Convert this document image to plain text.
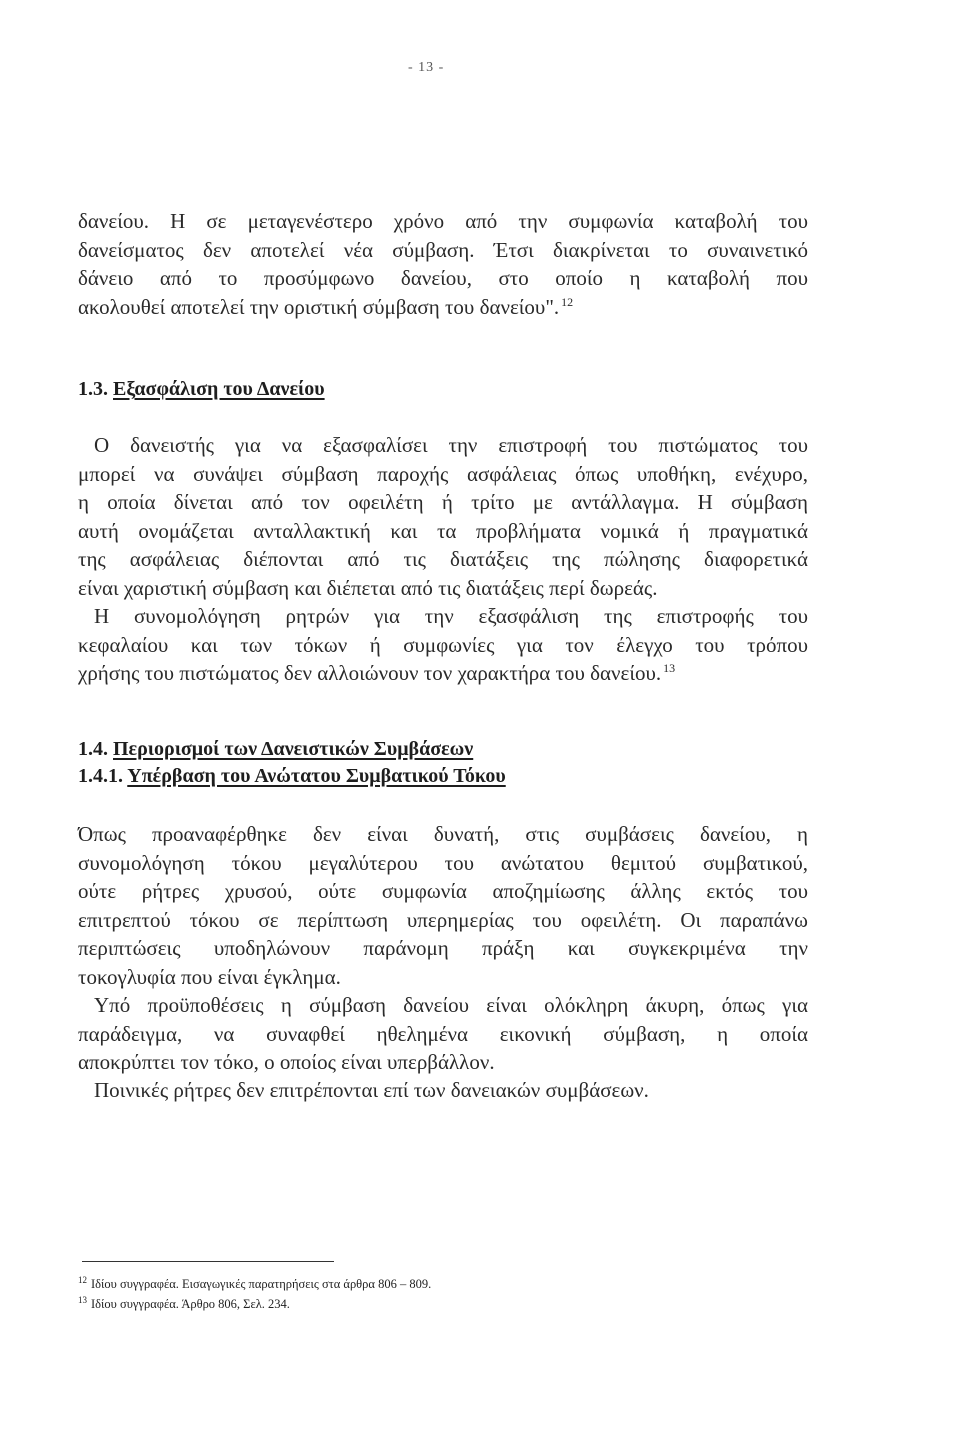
- 13 -

δανείου. Η σε μεταγενέστερο χρόνο από την συμφωνία καταβολή του
δανείσματος δεν αποτελεί νέα σύμβαση. Έτσι διακρίνεται το συναινετικό
δάνειο από το προσύμφωνο δανείου, στο οποίο η καταβολή που
ακολουθεί αποτελεί την οριστική σύμβαση του δανείου". $^{12}$

1.3. Εξασφάλιση του Δανείου

Ο δανειστής για να εξασφαλίσει την επιστροφή του πιστώματος του
μπορεί να συνάψει σύμβαση παροχής ασφάλειας όπως υποθήκη, ενέχυρο,
η οποία δίνεται από τον οφειλέτη ή τρίτο με αντάλλαγμα. Η σύμβαση
αυτή ονομάζεται ανταλλακτική και τα προβλήματα νομικά ή πραγματικά
της ασφάλειας διέπονται από τις διατάξεις της πώλησης διαφορετικά
είναι χαριστική σύμβαση και διέπεται από τις διατάξεις περί δωρεάς.

Η συνομολόγηση ρητρών για την εξασφάλιση της επιστροφής του
κεφαλαίου και των τόκων ή συμφωνίες για τον έλεγχο του τρόπου
χρήσης του πιστώματος δεν αλλοιώνουν τον χαρακτήρα του δανείου. $^{13}$

1.4. Περιορισμοί των Δανειστικών Συμβάσεων
1.4.1. Υπέρβαση του Ανώτατου Συμβατικού Τόκου

Όπως προαναφέρθηκε δεν είναι δυνατή, στις συμβάσεις δανείου, η
συνομολόγηση τόκου μεγαλύτερου του ανώτατου θεμιτού συμβατικού,
ούτε ρήτρες χρυσού, ούτε συμφωνία αποζημίωσης άλλης εκτός του
επιτρεπτού τόκου σε περίπτωση υπερημερίας του οφειλέτη. Οι παραπάνω
περιπτώσεις υποδηλώνουν παράνομη πράξη και συγκεκριμένα την
τοκογλυφία που είναι έγκλημα.

Υπό προϋποθέσεις η σύμβαση δανείου είναι ολόκληρη άκυρη, όπως για
παράδειγμα, να συναφθεί ηθελημένα εικονική σύμβαση, η οποία
αποκρύπτει τον τόκο, ο οποίος είναι υπερβάλλον.

Ποινικές ρήτρες δεν επιτρέπονται επί των δανειακών συμβάσεων.

$^{12}$ Ιδίου συγγραφέα. Εισαγωγικές παρατηρήσεις στα άρθρα 806 – 809.
$^{13}$ Ιδίου συγγραφέα. Άρθρο 806, Σελ. 234.
